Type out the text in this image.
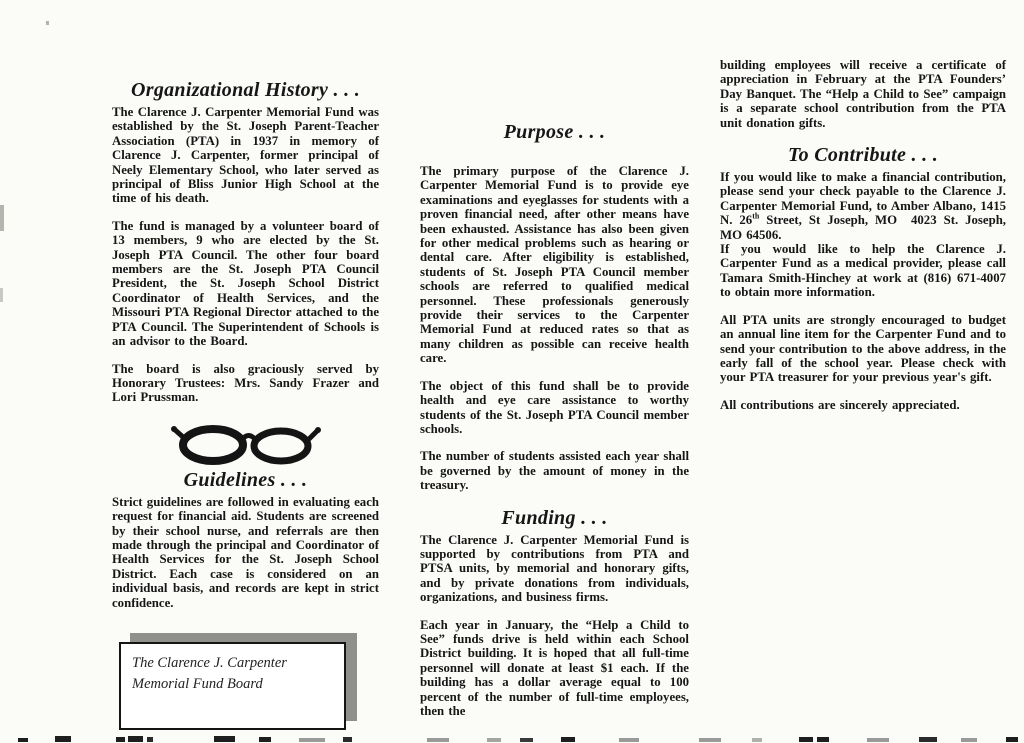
Organizational History . . .

The Clarence J. Carpenter Memorial Fund was established by the St. Joseph Parent-Teacher Association (PTA) in 1937 in memory of Clarence J. Carpenter, former principal of Neely Elementary School, who later served as principal of Bliss Junior High School at the time of his death.

The fund is managed by a volunteer board of 13 members, 9 who are elected by the St. Joseph PTA Council. The other four board members are the St. Joseph PTA Council President, the St. Joseph School District Coordinator of Health Services, and the Missouri PTA Regional Director attached to the PTA Council. The Superintendent of Schools is an advisor to the Board.

The board is also graciously served by Honorary Trustees: Mrs. Sandy Frazer and Lori Prussman.

Guidelines . . .

Strict guidelines are followed in evaluating each request for financial aid. Students are screened by their school nurse, and referrals are then made through the principal and Coordinator of Health Services for the St. Joseph School District. Each case is considered on an individual basis, and records are kept in strict confidence.

Purpose . . .

The primary purpose of the Clarence J. Carpenter Memorial Fund is to provide eye examinations and eyeglasses for students with a proven financial need, after other means have been exhausted. Assistance has also been given for other medical problems such as hearing or dental care. After eligibility is established, students of St. Joseph PTA Council member schools are referred to qualified medical personnel. These professionals generously provide their services to the Carpenter Memorial Fund at reduced rates so that as many children as possible can receive health care.

The object of this fund shall be to provide health and eye care assistance to worthy students of the St. Joseph PTA Council member schools.

The number of students assisted each year shall be governed by the amount of money in the treasury.

Funding . . .

The Clarence J. Carpenter Memorial Fund is supported by contributions from PTA and PTSA units, by memorial and honorary gifts, and by private donations from individuals, organizations, and business firms.

Each year in January, the “Help a Child to See” funds drive is held within each School District building. It is hoped that all full-time personnel will donate at least $1 each. If the building has a dollar average equal to 100 percent of the number of full-time employees, then the

building employees will receive a certificate of appreciation in February at the PTA Founders’ Day Banquet. The “Help a Child to See” campaign is a separate school contribution from the PTA unit donation gifts.

To Contribute . . .

If you would like to make a financial contribution, please send your check payable to the Clarence J. Carpenter Memorial Fund, to Amber Albano, 1415 N. 26th Street, St Joseph, MO  4023 St. Joseph, MO 64506.

If you would like to help the Clarence J. Carpenter Fund as a medical provider, please call Tamara Smith-Hinchey at work at (816) 671-4007 to obtain more information.

All PTA units are strongly encouraged to budget an annual line item for the Carpenter Fund and to send your contribution to the above address, in the early fall of the school year. Please check with your PTA treasurer for your previous year's gift.

All contributions are sincerely appreciated.

The Clarence J. Carpenter
Memorial Fund Board
